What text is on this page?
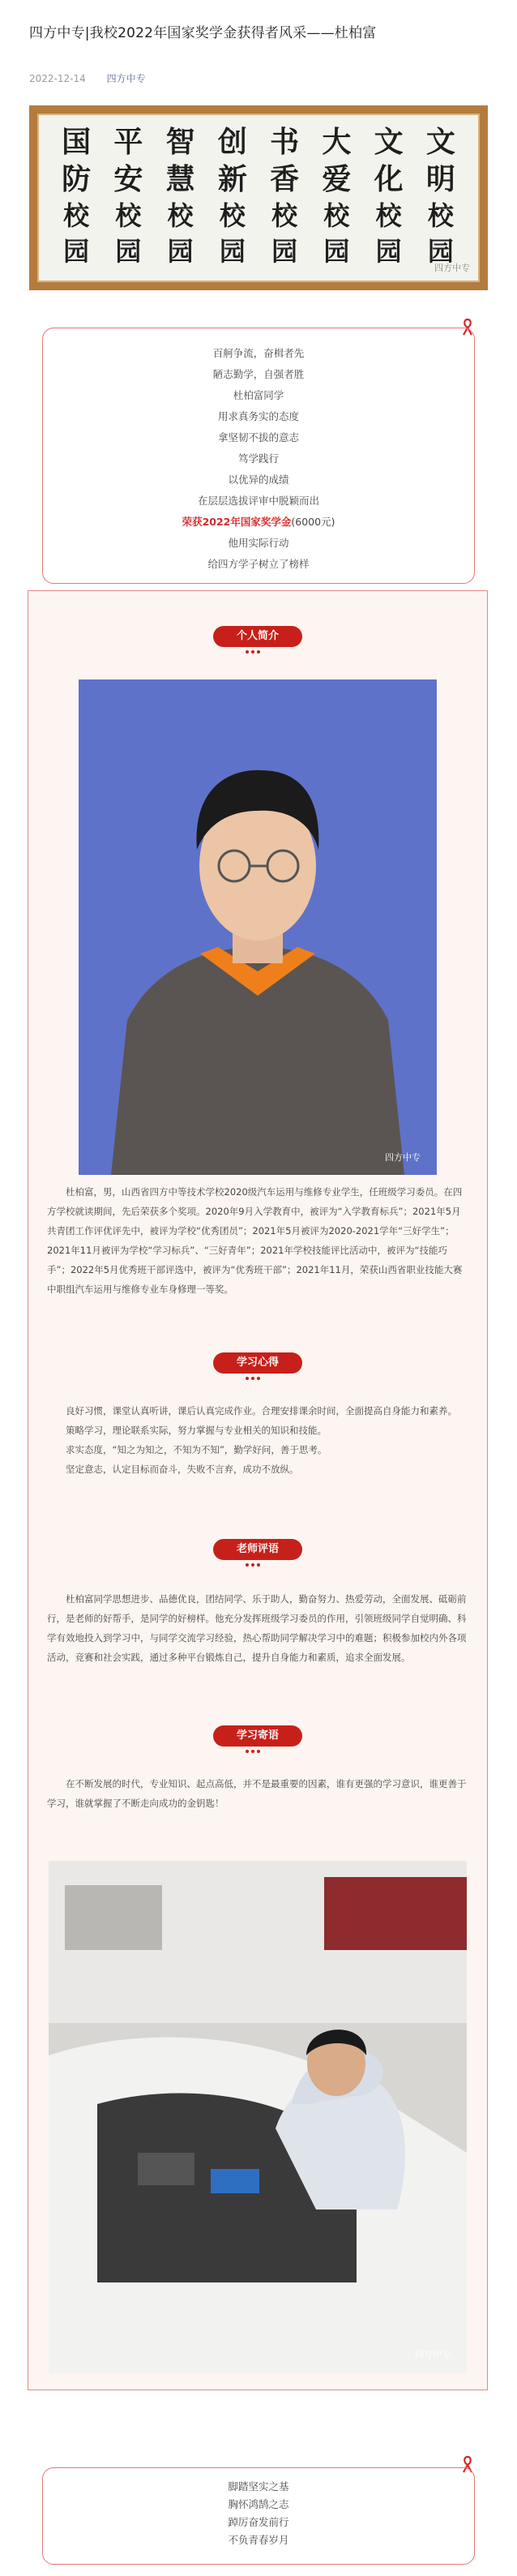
四方中专|我校2022年国家奖学金获得者风采——杜柏富
2022-12-14 四方中专
国 平 智 创 书 大 文 文
防 安 慧 新 香 爱 化 明
校 校 校 校 校 校 校 校
园 园 园 园 园 园 园 园
四方中专
百舸争流，奋楫者先
陋志勤学，自强者胜
杜柏富同学
用求真务实的态度
拿坚韧不拔的意志
笃学践行
以优异的成绩
在层层选拔评审中脱颖而出
荣获2022年国家奖学金(6000元)
他用实际行动
给四方学子树立了榜样
个人简介
四方中专
杜柏富，男，山西省四方中等技术学校2020级汽车运用与维修专业学生，任班级学习委员。在四方学校就读期间，先后荣获多个奖项。2020年9月入学教育中，被评为“入学教育标兵”；2021年5月共青团工作评优评先中，被评为学校“优秀团员”；2021年5月被评为2020-2021学年“三好学生”；2021年11月被评为学校“学习标兵”、“三好青年”；2021年学校技能评比活动中，被评为“技能巧手”；2022年5月优秀班干部评选中，被评为“优秀班干部”；2021年11月，荣获山西省职业技能大赛中职组汽车运用与维修专业车身修理一等奖。
学习心得
良好习惯，课堂认真听讲，课后认真完成作业。合理安排课余时间，全面提高自身能力和素养。
策略学习，理论联系实际，努力掌握与专业相关的知识和技能。
求实态度，“知之为知之，不知为不知”，勤学好问，善于思考。
坚定意志，认定目标而奋斗，失败不言弃，成功不放纵。
老师评语
杜柏富同学思想进步、品德优良，团结同学、乐于助人，勤奋努力、热爱劳动，全面发展、砥砺前行，是老师的好帮手，是同学的好榜样。他充分发挥班级学习委员的作用，引领班级同学自觉明确、科学有效地投入到学习中，与同学交流学习经验，热心帮助同学解决学习中的难题；积极参加校内外各项活动，竞赛和社会实践，通过多种平台锻炼自己，提升自身能力和素质，追求全面发展。
学习寄语
在不断发展的时代，专业知识、起点高低，并不是最重要的因素，谁有更强的学习意识，谁更善于学习，谁就掌握了不断走向成功的金钥匙！
四方中专
脚踏坚实之基
胸怀鸿鹄之志
踔厉奋发前行
不负青春岁月
